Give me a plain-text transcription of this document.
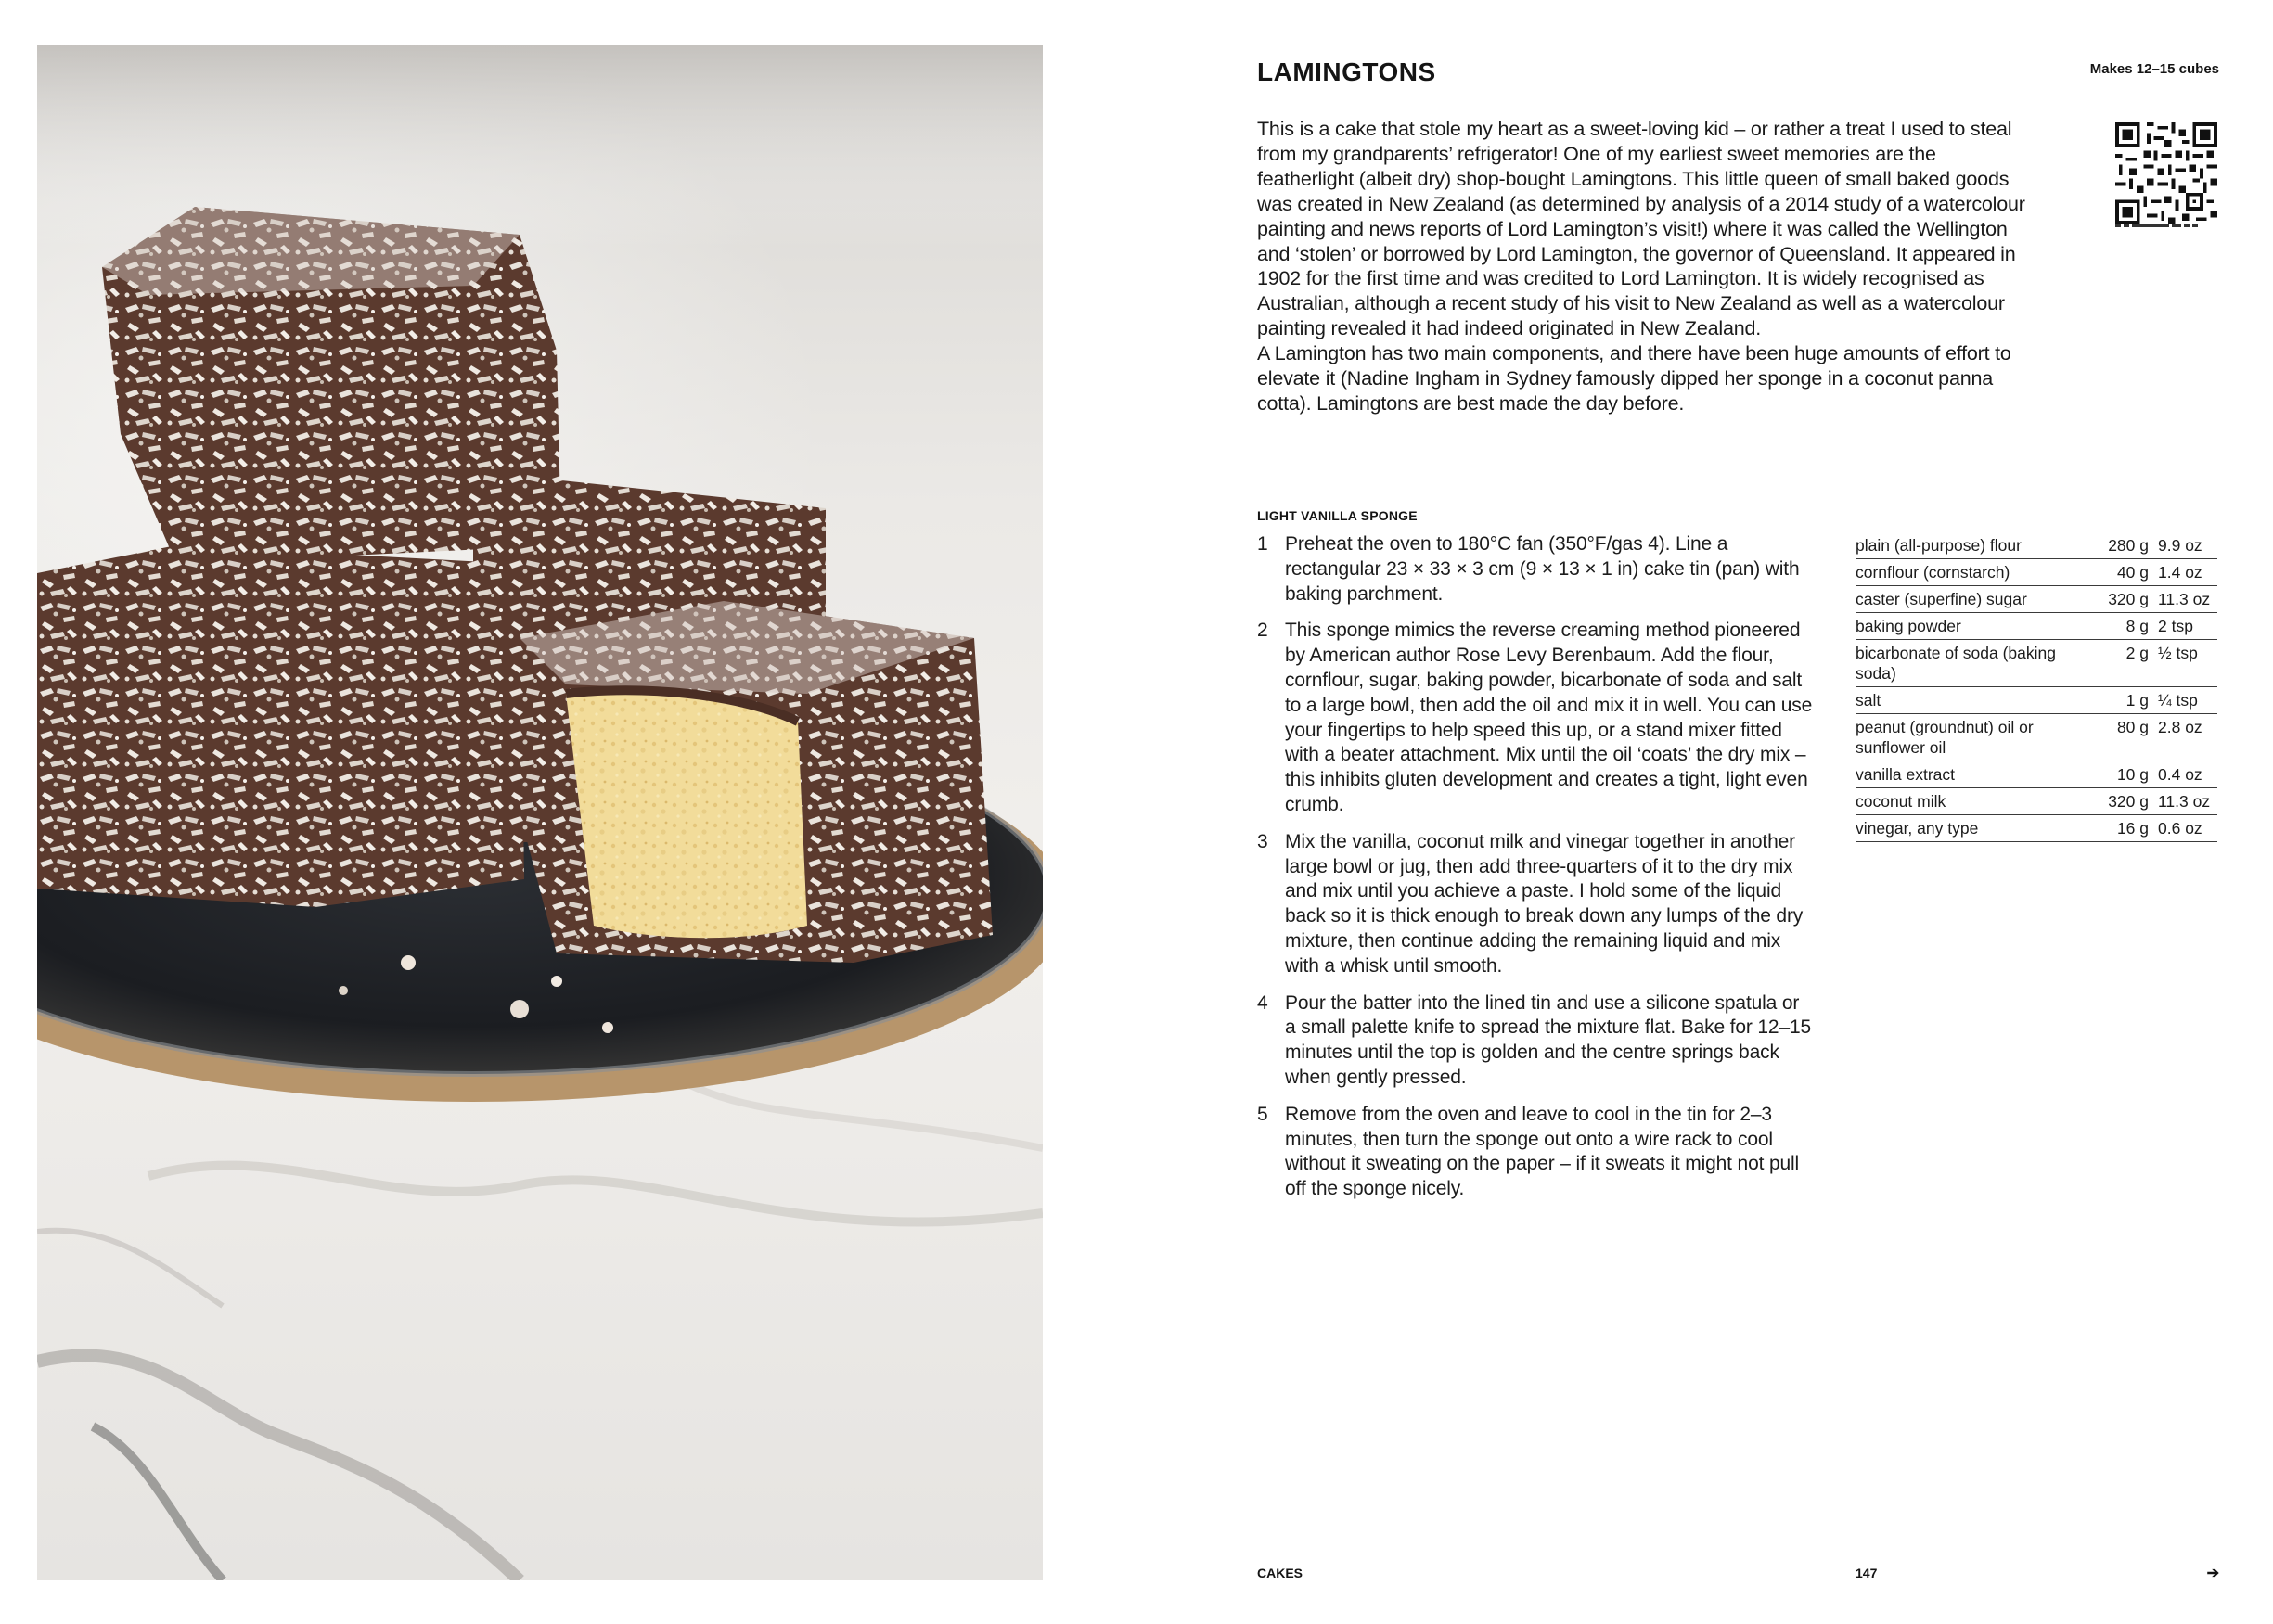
LAMINGTONS	Makes 12–15 cubes

This is a cake that stole my heart as a sweet-loving kid – or rather a treat I used to steal from my grandparents’ refrigerator! One of my earliest sweet memories are the featherlight (albeit dry) shop-bought Lamingtons. This little queen of small baked goods was created in New Zealand (as determined by analysis of a 2014 study of a watercolour painting and news reports of Lord Lamington’s visit!) where it was called the Wellington and ‘stolen’ or borrowed by Lord Lamington, the governor of Queensland. It appeared in 1902 for the first time and was credited to Lord Lamington. It is widely recognised as Australian, although a recent study of his visit to New Zealand as well as a watercolour painting revealed it had indeed originated in New Zealand.

A Lamington has two main components, and there have been huge amounts of effort to elevate it (Nadine Ingham in Sydney famously dipped her sponge in a coconut panna cotta). Lamingtons are best made the day before.

LIGHT VANILLA SPONGE
1 Preheat the oven to 180°C fan (350°F/gas 4). Line a rectangular 23 × 33 × 3 cm (9 × 13 × 1 in) cake tin (pan) with baking parchment.
2 This sponge mimics the reverse creaming method pioneered by American author Rose Levy Berenbaum. Add the flour, cornflour, sugar, baking powder, bicarbonate of soda and salt to a large bowl, then add the oil and mix it in well. You can use your fingertips to help speed this up, or a stand mixer fitted with a beater attachment. Mix until the oil ‘coats’ the dry mix – this inhibits gluten development and creates a tight, light even crumb.
3 Mix the vanilla, coconut milk and vinegar together in another large bowl or jug, then add three-quarters of it to the dry mix and mix until you achieve a paste. I hold some of the liquid back so it is thick enough to break down any lumps of the dry mixture, then continue adding the remaining liquid and mix with a whisk until smooth.
4 Pour the batter into the lined tin and use a silicone spatula or a small palette knife to spread the mixture flat. Bake for 12–15 minutes until the top is golden and the centre springs back when gently pressed.
5 Remove from the oven and leave to cool in the tin for 2–3 minutes, then turn the sponge out onto a wire rack to cool without it sweating on the paper – if it sweats it might not pull off the sponge nicely.
plain (all-purpose) flour	280 g	9.9 oz
cornflour (cornstarch)	40 g	1.4 oz
caster (superfine) sugar	320 g	11.3 oz
baking powder	8 g	2 tsp
bicarbonate of soda (baking soda)	2 g	½ tsp
salt	1 g	¼ tsp
peanut (groundnut) oil or sunflower oil	80 g	2.8 oz
vanilla extract	10 g	0.4 oz
coconut milk	320 g	11.3 oz
vinegar, any type	16 g	0.6 oz
CAKES	147	➔
